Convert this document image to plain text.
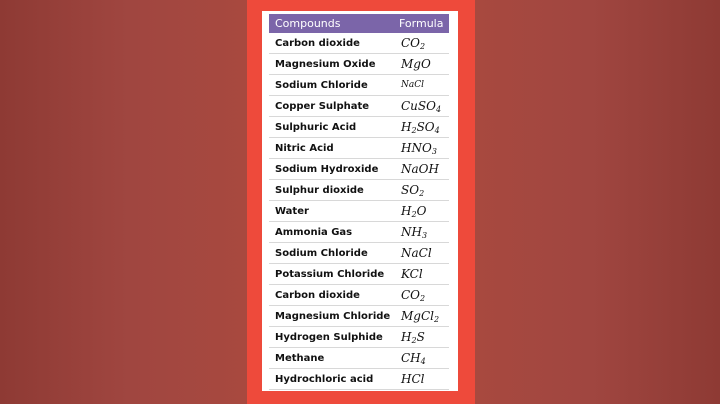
Compounds	Formula
Carbon dioxide	$CO_2$
Magnesium Oxide	MgO
Sodium Chloride	NaCl
Copper Sulphate	CuSO$_4$
Sulphuric Acid	$H_2SO_4$
Nitric Acid	$HNO_3$
Sodium Hydroxide	NaOH
Sulphur dioxide	$SO_2$
Water	$H_2O$
Ammonia Gas	$NH_3$
Sodium Chloride	NaCl
Potassium Chloride	KCl
Carbon dioxide	$CO_2$
Magnesium Chloride	MgCl$_2$
Hydrogen Sulphide	$H_2S$
Methane	$CH_4$
Hydrochloric acid	HCl
